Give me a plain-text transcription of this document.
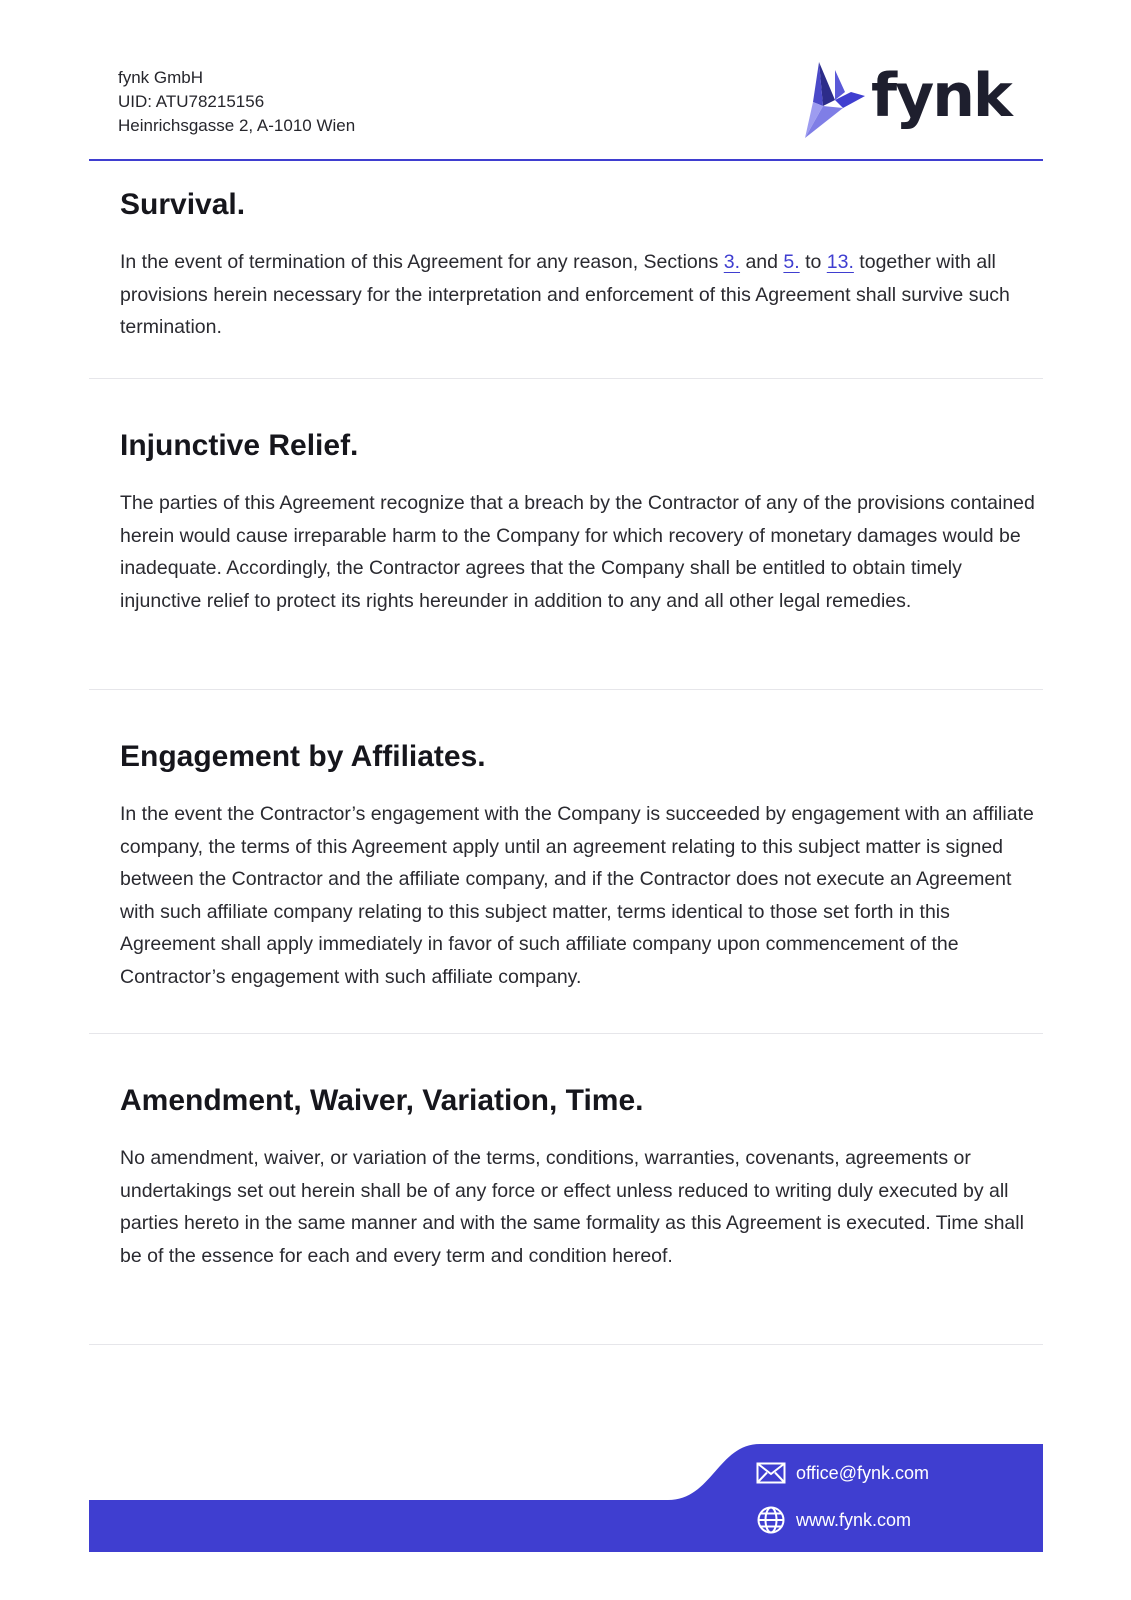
fynk GmbH
UID: ATU78215156
Heinrichsgasse 2, A-1010 Wien	fynk
Survival.

In the event of termination of this Agreement for any reason, Sections 3. and 5. to 13. together with all provisions herein necessary for the interpretation and enforcement of this Agreement shall survive such termination.

Injunctive Relief.

The parties of this Agreement recognize that a breach by the Contractor of any of the provisions contained herein would cause irreparable harm to the Company for which recovery of monetary damages would be inadequate. Accordingly, the Contractor agrees that the Company shall be entitled to obtain timely injunctive relief to protect its rights hereunder in addition to any and all other legal remedies.

Engagement by Affiliates.

In the event the Contractor’s engagement with the Company is succeeded by engagement with an affiliate company, the terms of this Agreement apply until an agreement relating to this subject matter is signed between the Contractor and the affiliate company, and if the Contractor does not execute an Agreement with such affiliate company relating to this subject matter, terms identical to those set forth in this Agreement shall apply immediately in favor of such affiliate company upon commencement of the Contractor’s engagement with such affiliate company.

Amendment, Waiver, Variation, Time.

No amendment, waiver, or variation of the terms, conditions, warranties, covenants, agreements or undertakings set out herein shall be of any force or effect unless reduced to writing duly executed by all parties hereto in the same manner and with the same formality as this Agreement is executed. Time shall be of the essence for each and every term and condition hereof.

office@fynk.com
www.fynk.com
